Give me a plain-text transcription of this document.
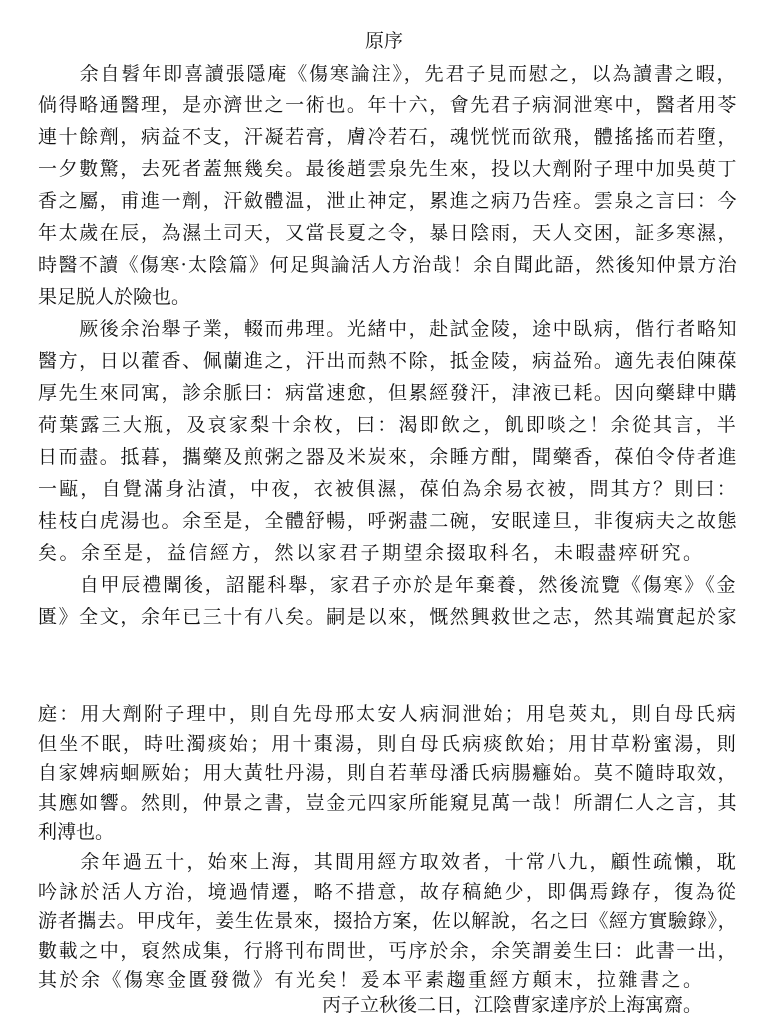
原序
　　余自髫年即喜讀張隱庵《傷寒論注》，先君子見而慰之，以為讀書之暇，
倘得略通醫理，是亦濟世之一術也。年十六，會先君子病洞泄寒中，醫者用苓
連十餘劑，病益不支，汗凝若膏，膚冷若石，魂恍恍而欲飛，體搖搖而若墮，
一夕數驚，去死者蓋無幾矣。最後趙雲泉先生來，投以大劑附子理中加吳萸丁
香之屬，甫進一劑，汗斂體温，泄止神定，累進之病乃告痊。雲泉之言曰：今
年太歲在辰，為濕土司天，又當長夏之令，暴日陰雨，天人交困，証多寒濕，
時醫不讀《傷寒·太陰篇》何足與論活人方治哉！余自聞此語，然後知仲景方治
果足脱人於險也。
　　厥後余治舉子業，輟而弗理。光緒中，赴試金陵，途中臥病，偕行者略知
醫方，日以藿香、佩蘭進之，汗出而熱不除，抵金陵，病益殆。適先表伯陳葆
厚先生來同寓，診余脈曰：病當速愈，但累經發汗，津液已耗。因向藥肆中購
荷葉露三大瓶，及哀家梨十余枚，曰：渴即飲之，飢即啖之！余從其言，半
日而盡。抵暮，攜藥及煎粥之器及米炭來，余睡方酣，聞藥香，葆伯令侍者進
一甌，自覺滿身沾漬，中夜，衣被俱濕，葆伯為余易衣被，問其方？則曰：
桂枝白虎湯也。余至是，全體舒暢，呼粥盡二碗，安眠達旦，非復病夫之故態
矣。余至是，益信經方，然以家君子期望余掇取科名，未暇盡瘁研究。
　　自甲辰禮闈後，詔罷科舉，家君子亦於是年棄養，然後流覽《傷寒》《金
匱》全文，余年已三十有八矣。嗣是以來，慨然興救世之志，然其端實起於家
庭：用大劑附子理中，則自先母邢太安人病洞泄始；用皂莢丸，則自母氏病
但坐不眠，時吐濁痰始；用十棗湯，則自母氏病痰飲始；用甘草粉蜜湯，則
自家婢病蛔厥始；用大黃牡丹湯，則自若華母潘氏病腸癰始。莫不隨時取效，
其應如響。然則，仲景之書，豈金元四家所能窺見萬一哉！所謂仁人之言，其
利溥也。
　　余年過五十，始來上海，其間用經方取效者，十常八九，顧性疏懶，耽
吟詠於活人方治，境過情遷，略不措意，故存稿絶少，即偶焉錄存，復為從
游者攜去。甲戌年，姜生佐景來，掇拾方案，佐以解說，名之曰《經方實驗錄》，
數載之中，裒然成集，行將刊布問世，丐序於余，余笑謂姜生曰：此書一出，
其於余《傷寒金匱發微》有光矣！爰本平素趨重經方顛末，拉雜書之。
丙子立秋後二日，江陰曹家達序於上海寓齋。
